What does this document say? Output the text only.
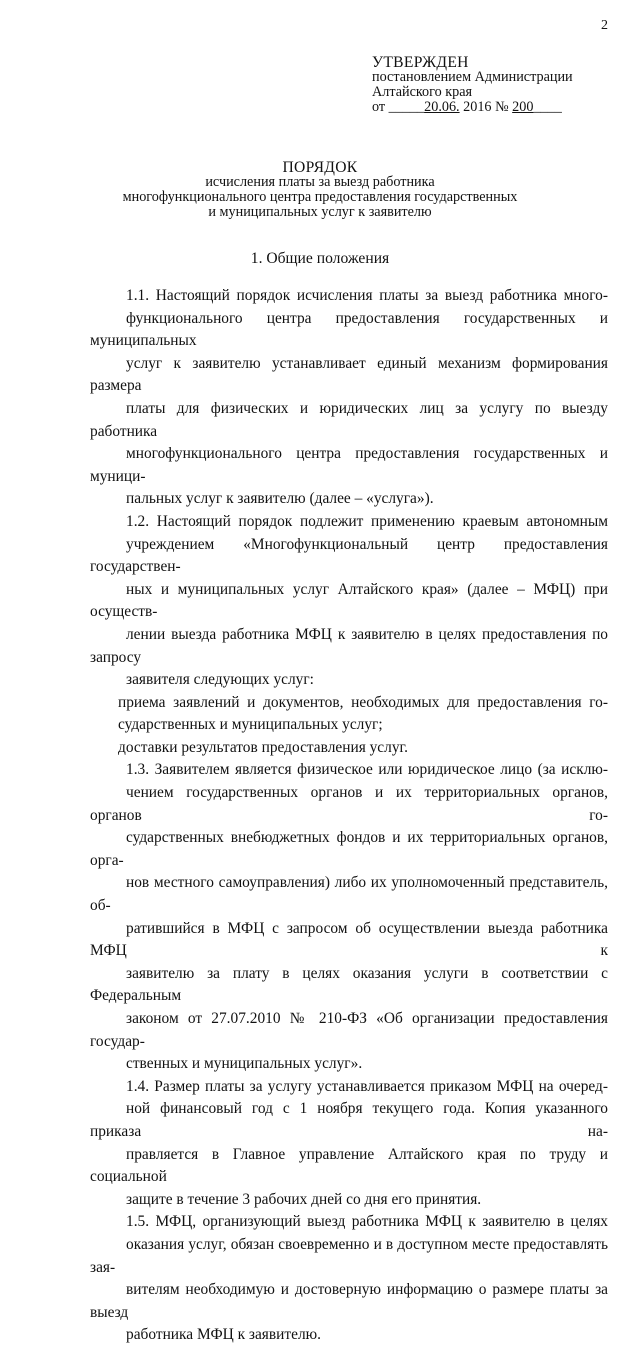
2
УТВЕРЖДЕН
постановлением Администрации
Алтайского края
от _____20.06. 2016 № 200____
ПОРЯДОК
исчисления платы за выезд работника
многофункционального центра предоставления государственных
и муниципальных услуг к заявителю
1. Общие положения

1.1. Настоящий порядок исчисления платы за выезд работника много-
функционального центра предоставления государственных и муниципальных
услуг к заявителю устанавливает единый механизм формирования размера
платы для физических и юридических лиц за услугу по выезду работника
многофункционального центра предоставления государственных и муници-
пальных услуг к заявителю (далее – «услуга»).

1.2. Настоящий порядок подлежит применению краевым автономным
учреждением «Многофункциональный центр предоставления государствен-
ных и муниципальных услуг Алтайского края» (далее – МФЦ) при осуществ-
лении выезда работника МФЦ к заявителю в целях предоставления по запросу
заявителя следующих услуг:

приема заявлений и документов, необходимых для предоставления го-
сударственных и муниципальных услуг;

доставки результатов предоставления услуг.

1.3. Заявителем является физическое или юридическое лицо (за исклю-
чением государственных органов и их территориальных органов, органов го-
сударственных внебюджетных фондов и их территориальных органов, орга-
нов местного самоуправления) либо их уполномоченный представитель, об-
ратившийся в МФЦ с запросом об осуществлении выезда работника МФЦ к
заявителю за плату в целях оказания услуги в соответствии с Федеральным
законом от 27.07.2010 № 210-ФЗ «Об организации предоставления государ-
ственных и муниципальных услуг».

1.4. Размер платы за услугу устанавливается приказом МФЦ на очеред-
ной финансовый год с 1 ноября текущего года. Копия указанного приказа на-
правляется в Главное управление Алтайского края по труду и социальной
защите в течение 3 рабочих дней со дня его принятия.

1.5. МФЦ, организующий выезд работника МФЦ к заявителю в целях
оказания услуг, обязан своевременно и в доступном месте предоставлять зая-
вителям необходимую и достоверную информацию о размере платы за выезд
работника МФЦ к заявителю.
